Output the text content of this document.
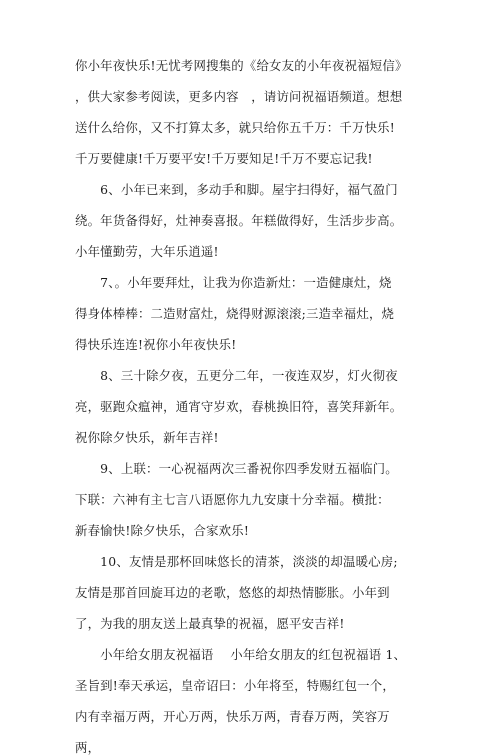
你小年夜快乐!无忧考网搜集的《给女友的小年夜祝福短信》
，供大家参考阅读，更多内容　，请访问祝福语频道。想想
送什么给你，又不打算太多，就只给你五千万：千万快乐!
千万要健康!千万要平安!千万要知足!千万不要忘记我!
　　6、小年已来到，多动手和脚。屋宇扫得好，福气盈门
绕。年货备得好，灶神奏喜报。年糕做得好，生活步步高。
小年懂勤劳，大年乐逍遥!
　　7、。小年要拜灶，让我为你造新灶：一造健康灶，烧
得身体棒棒：二造财富灶，烧得财源滚滚;三造幸福灶，烧
得快乐连连!祝你小年夜快乐!
　　8、三十除夕夜，五更分二年，一夜连双岁，灯火彻夜
亮，驱跑众瘟神，通宵守岁欢，春桃换旧符，喜笑拜新年。
祝你除夕快乐，新年吉祥!
　　9、上联：一心祝福两次三番祝你四季发财五福临门。
下联：六神有主七言八语愿你九九安康十分幸福。横批：
新春愉快!除夕快乐，合家欢乐!
　　10、友情是那杯回味悠长的清茶，淡淡的却温暖心房;
友情是那首回旋耳边的老歌，悠悠的却热情膨胀。小年到
了，为我的朋友送上最真挚的祝福，愿平安吉祥!
　　小年给女朋友祝福语　 小年给女朋友的红包祝福语 1、
圣旨到!奉天承运，皇帝诏曰：小年将至，特赐红包一个，
内有幸福万两，开心万两，快乐万两，青春万两，笑容万
两，
